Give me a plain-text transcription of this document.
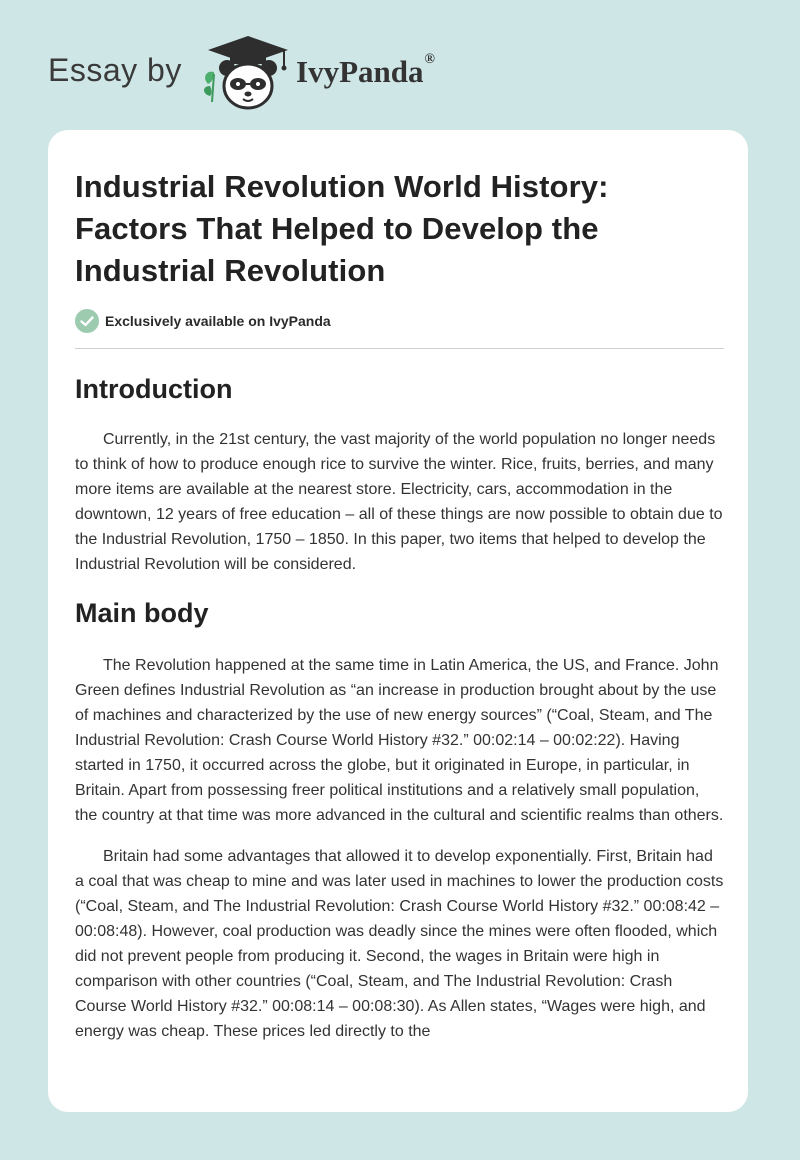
Essay by	IvyPanda®
Industrial Revolution World History: Factors That Helped to Develop the Industrial Revolution
Exclusively available on IvyPanda
Introduction

Currently, in the 21st century, the vast majority of the world population no longer needs to think of how to produce enough rice to survive the winter. Rice, fruits, berries, and many more items are available at the nearest store. Electricity, cars, accommodation in the downtown, 12 years of free education – all of these things are now possible to obtain due to the Industrial Revolution, 1750 – 1850. In this paper, two items that helped to develop the Industrial Revolution will be considered.

Main body

The Revolution happened at the same time in Latin America, the US, and France. John Green defines Industrial Revolution as “an increase in production brought about by the use of machines and characterized by the use of new energy sources” (“Coal, Steam, and The Industrial Revolution: Crash Course World History #32.” 00:02:14 – 00:02:22). Having started in 1750, it occurred across the globe, but it originated in Europe, in particular, in Britain. Apart from possessing freer political institutions and a relatively small population, the country at that time was more advanced in the cultural and scientific realms than others.

Britain had some advantages that allowed it to develop exponentially. First, Britain had a coal that was cheap to mine and was later used in machines to lower the production costs (“Coal, Steam, and The Industrial Revolution: Crash Course World History #32.” 00:08:42 – 00:08:48). However, coal production was deadly since the mines were often flooded, which did not prevent people from producing it. Second, the wages in Britain were high in comparison with other countries (“Coal, Steam, and The Industrial Revolution: Crash Course World History #32.” 00:08:14 – 00:08:30). As Allen states, “Wages were high, and energy was cheap. These prices led directly to the
